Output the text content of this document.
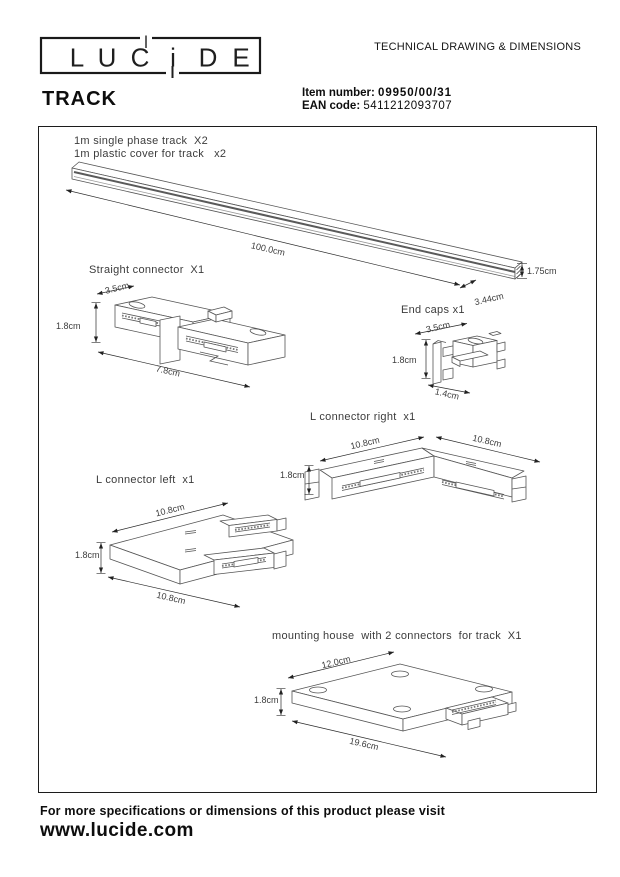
L U C i D E	TECHNICAL DRAWING & DIMENSIONS
TRACK	Item number: 09950/00/31
EAN code: 5411212093707
1m single phase track  X2
1m plastic cover for track   x2
Straight connector  X1
End caps x1
L connector right  x1
L connector left  x1
mounting house  with 2 connectors  for track  X1
100.0cm
1.75cm
3.44cm
3.5cm
1.8cm
7.8cm
3.5cm
1.8cm
1.4cm
10.8cm	10.8cm
1.8cm
10.8cm
1.8cm
10.8cm
12.0cm
1.8cm
19.6cm
For more specifications or dimensions of this product please visit
www.lucide.com
